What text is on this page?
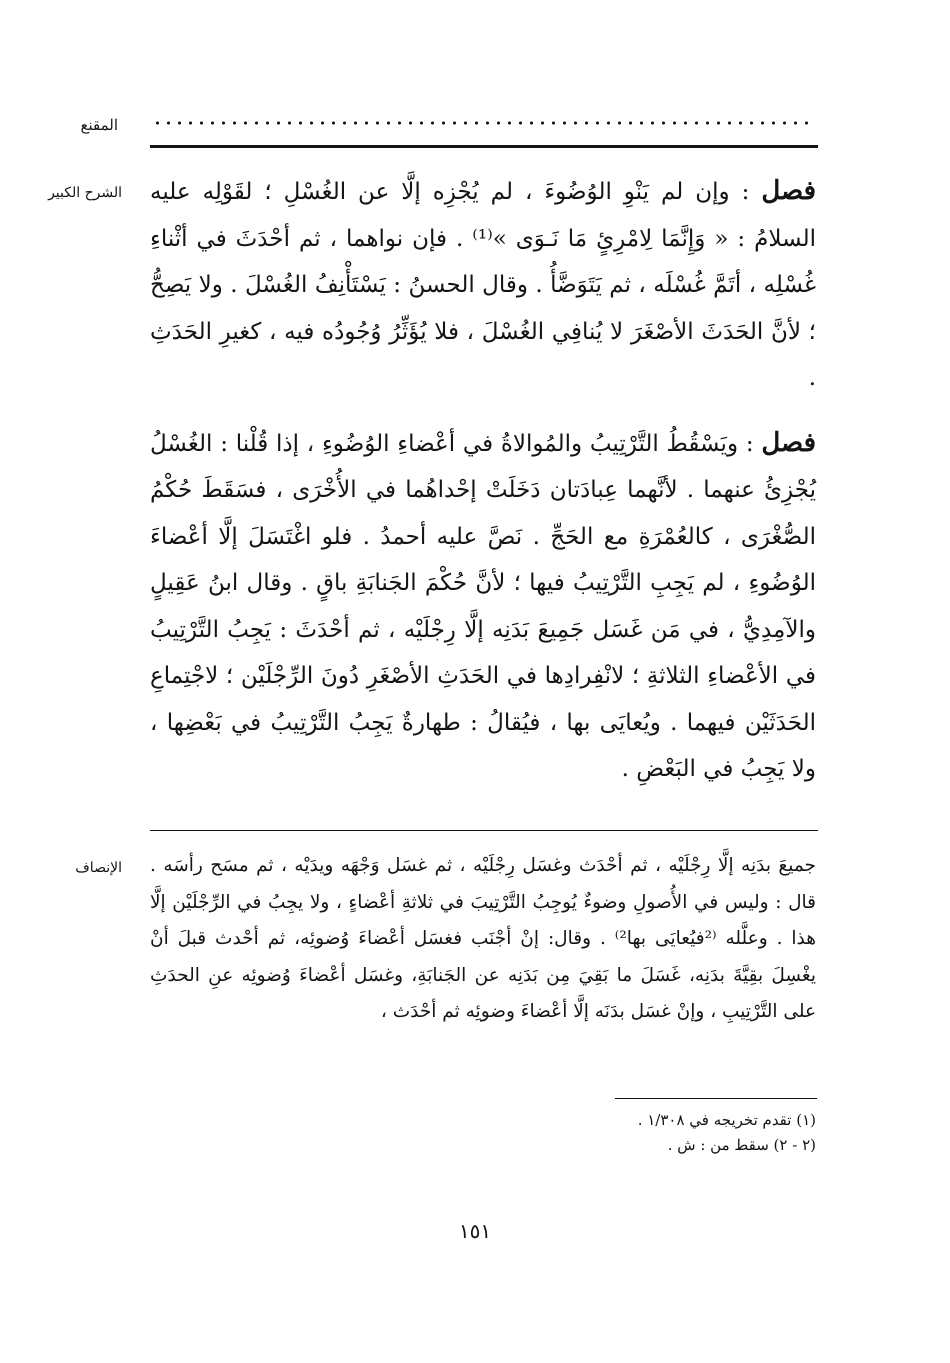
المقنع
الشرح الكبير	فصل : وإن لم يَنْوِ الوُضُوءَ ، لم يُجْزِه إلَّا عن الغُسْلِ ؛ لقَوْلِه عليه السلامُ : « وَإِنَّمَا لِامْرِئٍ مَا نَـوَى »⁽¹⁾ . فإن نواهما ، ثم أحْدَثَ في أثْناءِ غُسْلِه ، أتَمَّ غُسْلَه ، ثم يَتَوَضَّأُ . وقال الحسنُ : يَسْتَأْنِفُ الغُسْلَ . ولا يَصِحُّ ؛ لأنَّ الحَدَثَ الأصْغَرَ لا يُنافِي الغُسْلَ ، فلا يُؤَثِّرُ وُجُودُه فيه ، كغيرِ الحَدَثِ .

فصل : ويَسْقُطُ التَّرْتِيبُ والمُوالاةُ في أعْضاءِ الوُضُوءِ ، إذا قُلْنا : الغُسْلُ يُجْزِئُ عنهما . لأنَّهما عِبادَتان دَخَلَتْ إحْداهُما في الأُخْرَى ، فسَقَطَ حُكْمُ الصُّغْرَى ، كالعُمْرَةِ مع الحَجِّ . نَصَّ عليه أحمدُ . فلو اغْتَسَلَ إلَّا أعْضاءَ الوُضُوءِ ، لم يَجِبِ التَّرْتِيبُ فيها ؛ لأنَّ حُكْمَ الجَنابَةِ باقٍ . وقال ابنُ عَقِيلٍ والآمِدِيُّ ، في مَن غَسَل جَمِيعَ بَدَنِه إلَّا رِجْلَيْه ، ثم أحْدَثَ : يَجِبُ التَّرْتِيبُ في الأعْضاءِ الثلاثةِ ؛ لانْفِرادِها في الحَدَثِ الأصْغَرِ دُونَ الرِّجْلَيْن ؛ لاجْتِماعِ الحَدَثَيْن فيهما . ويُعايَى بها ، فيُقالُ : طهارةٌ يَجِبُ التَّرْتِيبُ في بَعْضِها ، ولا يَجِبُ في البَعْضِ .

الإنصاف جميعَ بدَنِه إلَّا رِجْلَيْه ، ثم أحْدَث وغسَل رِجْلَيْه ، ثم غسَل وَجْهَه ويدَيْه ، ثم مسَح رأسَه . قال : وليس في الأُصولِ وضوءٌ يُوجِبُ التَّرْتِيبَ في ثلاثةِ أعْضاءٍ ، ولا يجِبُ في الرِّجْلَيْن إلَّا هذا . وعلَّله ⁽²فيُعايَى بها²⁾ . وقال: إنْ أجْنَب فغسَل أعْضاءَ وُضوئِه، ثم أحْدث قبلَ أنْ يغْسِلَ بقِيَّةَ بدَنِه، غَسَلَ ما بَقِيَ مِن بَدَنِه عن الجَنابَةِ، وغسَل أعْضاءَ وُضوئِه عنِ الحدَثِ على التَّرْتِيبِ ، وإنْ غسَل بدَنَه إلَّا أعْضاءَ وضوئِه ثم أحْدَث ،

(١) تقدم تخريجه في ١/٣٠٨ .

(٢ - ٢) سقط من : ش .

١٥١
